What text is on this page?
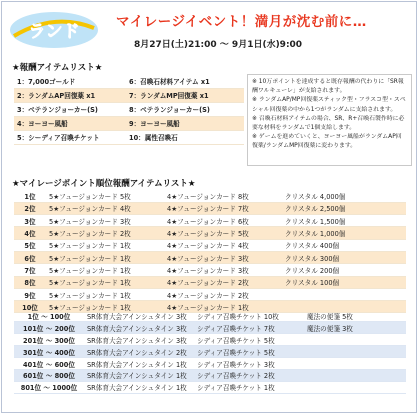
ランド	マイレージイベント！満月が沈む前に…
8月27日(土)21:00 ～ 9月1日(水)9:00
★報酬アイテムリスト★
1：7,000ゴールド	6：召喚石材料アイテム x1
2：ランダムAP回復薬 x1	7：ランダムMP回復薬 x1
3：ベテランジョーカー(S)	8：ベテランジョーカー(S)
4：ヨーヨー風船	9：ヨーヨー風船
5：シーディア召喚チケット	10：属性召喚石

※ 10万ポイントを達成すると既存報酬の代わりに「SR報酬ワルキューレ」が支給されます。

※ ランダムAP/MP回復薬スティック型・フラスコ型・スペシャル回復薬の中から1つがランダムに支給されます。

※ 召喚石材料アイテムの場合、SR、R+召喚石製作時に必要な材料をランダムで1個支給します。

※ ゲームを進めていくと、ヨーヨー風船がランダムAP回復薬/ランダムMP回復薬に変わります。

★マイレージポイント順位報酬アイテムリスト★
1位	5★フュージョンカード 5枚	4★フュージョンカード 8枚	クリスタル 4,000個
2位	5★フュージョンカード 4枚	4★フュージョンカード 7枚	クリスタル 2,500個
3位	5★フュージョンカード 3枚	4★フュージョンカード 6枚	クリスタル 1,500個
4位	5★フュージョンカード 2枚	4★フュージョンカード 5枚	クリスタル 1,000個
5位	5★フュージョンカード 1枚	4★フュージョンカード 4枚	クリスタル 400個
6位	5★フュージョンカード 1枚	4★フュージョンカード 3枚	クリスタル 300個
7位	5★フュージョンカード 1枚	4★フュージョンカード 3枚	クリスタル 200個
8位	5★フュージョンカード 1枚	4★フュージョンカード 2枚	クリスタル 100個
9位	5★フュージョンカード 1枚	4★フュージョンカード 2枚	
10位	5★フュージョンカード 1枚	4★フュージョンカード 1枚	
1位 ～ 100位	SR体育大会アインシュタイン 3枚	シディア召喚チケット 10枚	魔法の便箋 5枚
101位 ～ 200位	SR体育大会アインシュタイン 3枚	シディア召喚チケット 7枚	魔法の便箋 3枚
201位 ～ 300位	SR体育大会アインシュタイン 3枚	シディア召喚チケット 5枚	
301位 ～ 400位	SR体育大会アインシュタイン 2枚	シディア召喚チケット 5枚	
401位 ～ 600位	SR体育大会アインシュタイン 1枚	シディア召喚チケット 3枚	
601位 ～ 800位	SR体育大会アインシュタイン 1枚	シディア召喚チケット 2枚	
801位 ～ 1000位	SR体育大会アインシュタイン 1枚	シディア召喚チケット 1枚	
